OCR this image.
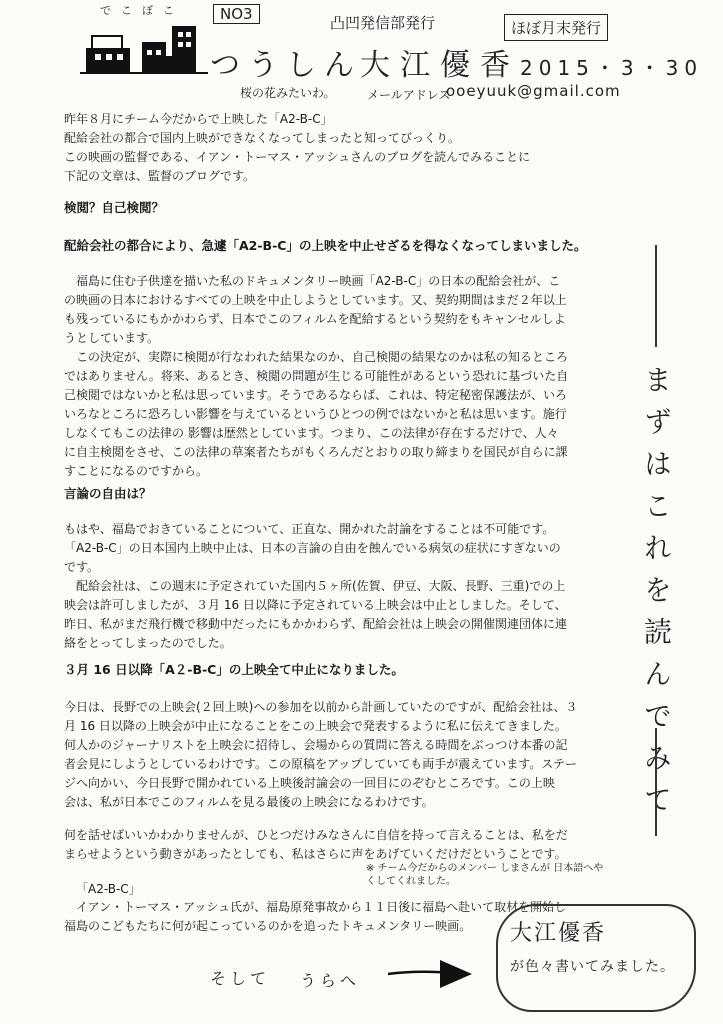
でこぼこ	NO3	凸凹発信部発行	ほぼ月末発行
つうしん
大江優香 2015・3・30
桜の花みたいわ。	メールアドレス
ooeyuuk@gmail.com

昨年８月にチーム今だからで上映した「A2-B-C」

配給会社の都合で国内上映ができなくなってしまったと知ってびっくり。

この映画の監督である、イアン・トーマス・アッシュさんのブログを読んでみることに

下記の文章は、監督のブログです。

検閲？自己検閲？
配給会社の都合により、急遽「A2-B-C」の上映を中止せざるを得なくなってしまいました。

福島に住む子供達を描いた私のドキュメンタリー映画「A2-B-C」の日本の配給会社が、こ

の映画の日本におけるすべての上映を中止しようとしています。又、契約期間はまだ２年以上

も残っているにもかかわらず、日本でこのフィルムを配給するという契約をもキャンセルしよ

うとしています。

この決定が、実際に検閲が行なわれた結果なのか、自己検閲の結果なのかは私の知るところ

ではありません。将来、あるとき、検閲の問題が生じる可能性があるという恐れに基づいた自

己検閲ではないかと私は思っています。そうであるならば、これは、特定秘密保護法が、いろ

いろなところに恐ろしい影響を与えているというひとつの例ではないかと私は思います。施行

しなくてもこの法律の 影響は歴然としています。つまり、この法律が存在するだけで、人々

に自主検閲をさせ、この法律の草案者たちがもくろんだとおりの取り締まりを国民が自らに課

すことになるのですから。

言論の自由は？

もはや、福島でおきていることについて、正直な、開かれた討論をすることは不可能です。

「A2-B-C」の日本国内上映中止は、日本の言論の自由を蝕んでいる病気の症状にすぎないの

です。

配給会社は、この週末に予定されていた国内５ヶ所(佐賀、伊豆、大阪、長野、三重)での上

映会は許可しましたが、３月 16 日以降に予定されている上映会は中止としました。そして、

昨日、私がまだ飛行機で移動中だったにもかかわらず、配給会社は上映会の開催関連団体に連

絡をとってしまったのでした。

３月 16 日以降「A２-B-C」の上映全て中止になりました。

今日は、長野での上映会(２回上映)への参加を以前から計画していたのですが、配給会社は、３

月 16 日以降の上映会が中止になることをこの上映会で発表するように私に伝えてきました。

何人かのジャーナリストを上映会に招待し、会場からの質問に答える時間をぶっつけ本番の記

者会見にしようとしているわけです。この原稿をアップしていても両手が震えています。ステー

ジへ向かい、今日長野で開かれている上映後討論会の一回目にのぞむところです。この上映

会は、私が日本でこのフィルムを見る最後の上映会になるわけです。

何を話せばいいかわかりませんが、ひとつだけみなさんに自信を持って言えることは、私をだ

まらせようという動きがあったとしても、私はさらに声をあげていくだけだということです。

※ チーム今だからのメンバー しまさんが 日本語へやくしてくれました。
「A2-B-C」

イアン・トーマス・アッシュ氏が、福島原発事故から１１日後に福島へ赴いて取材を開始し

福島のこどもたちに何が起こっているのかを追ったトキュメンタリー映画。

まずはこれを読んでみて
そして うらへ
大江優香
が色々書いてみました。
